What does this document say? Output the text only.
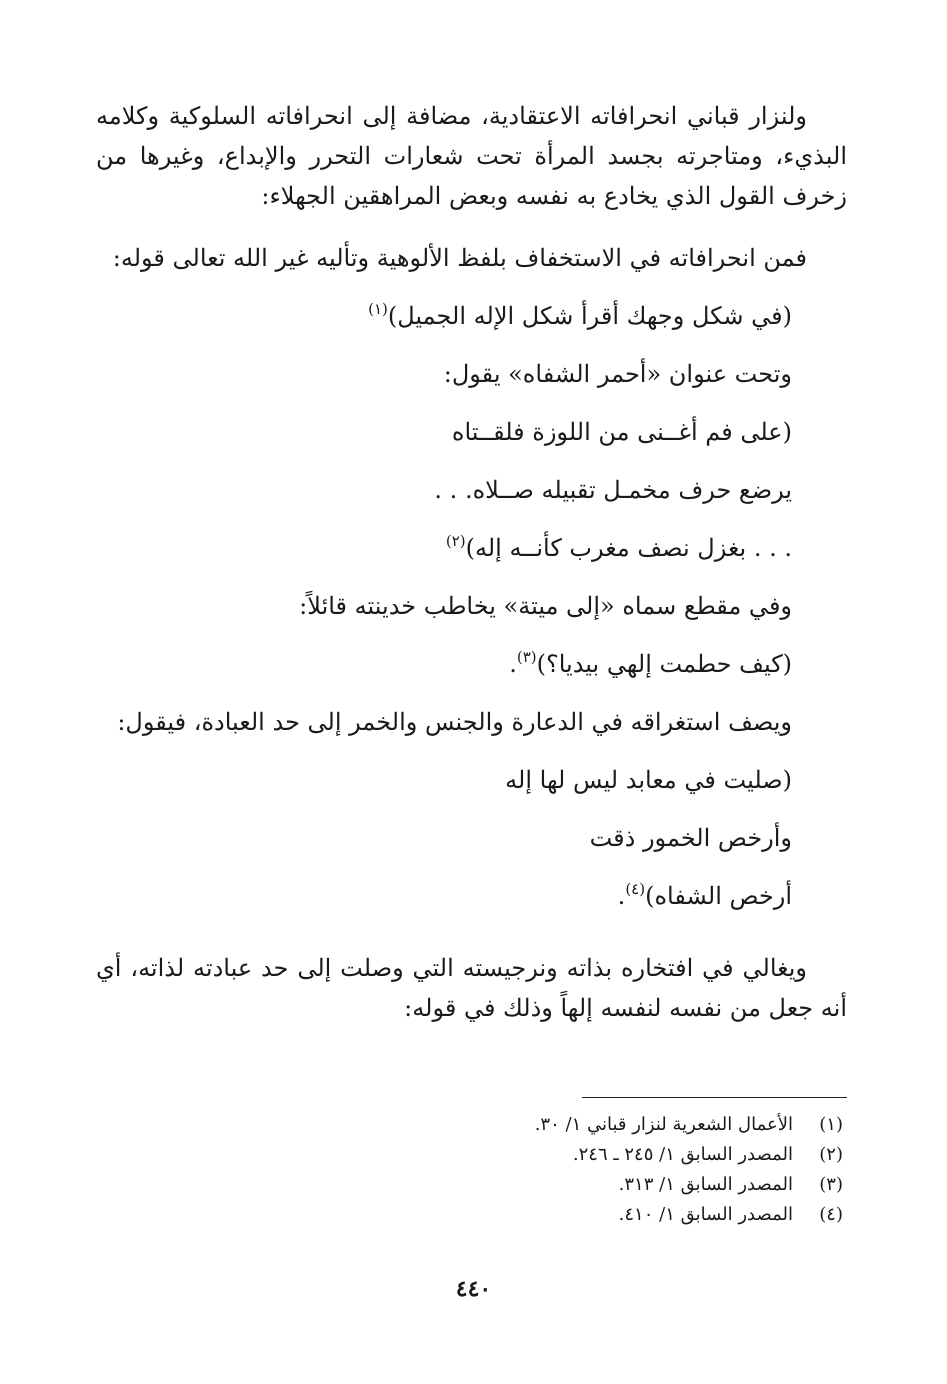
ولنزار قباني انحرافاته الاعتقادية، مضافة إلى انحرافاته السلوكية وكلامه البذيء، ومتاجرته بجسد المرأة تحت شعارات التحرر والإبداع، وغيرها من زخرف القول الذي يخادع به نفسه وبعض المراهقين الجهلاء:

فمن انحرافاته في الاستخفاف بلفظ الألوهية وتأليه غير الله تعالى قوله:

(في شكل وجهك أقرأ شكل الإله الجميل)$^{(١)}$

وتحت عنوان «أحمر الشفاه» يقول:

(على فم أغــنى من اللوزة فلقــتاه

يرضع حرف مخمـل تقبيله صــلاه. . .

. . . بغزل نصف مغرب كأنــه إله)$^{(٢)}$

وفي مقطع سماه «إلى ميتة» يخاطب خدينته قائلاً:

(كيف حطمت إلهي بيديا؟)$^{(٣)}$.

ويصف استغراقه في الدعارة والجنس والخمر إلى حد العبادة، فيقول:

(صليت في معابد ليس لها إله

وأرخص الخمور ذقت

أرخص الشفاه)$^{(٤)}$.

ويغالي في افتخاره بذاته ونرجيسته التي وصلت إلى حد عبادته لذاته، أي أنه جعل من نفسه لنفسه إلهاً وذلك في قوله:

(١)الأعمال الشعرية لنزار قباني ١/ ٣٠.

(٢)المصدر السابق ١/ ٢٤٥ ـ ٢٤٦.

(٣)المصدر السابق ١/ ٣١٣.

(٤)المصدر السابق ١/ ٤١٠.

٤٤٠
